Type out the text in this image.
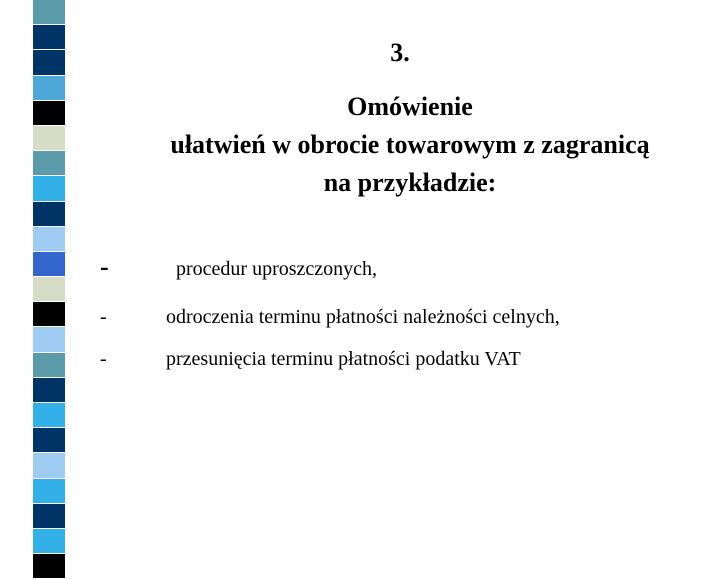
3.
Omówienie
ułatwień w obrocie towarowym z zagranicą
na przykładzie:
-	procedur uproszczonych,
-	odroczenia terminu płatności należności celnych,
-	przesunięcia terminu płatności podatku VAT
